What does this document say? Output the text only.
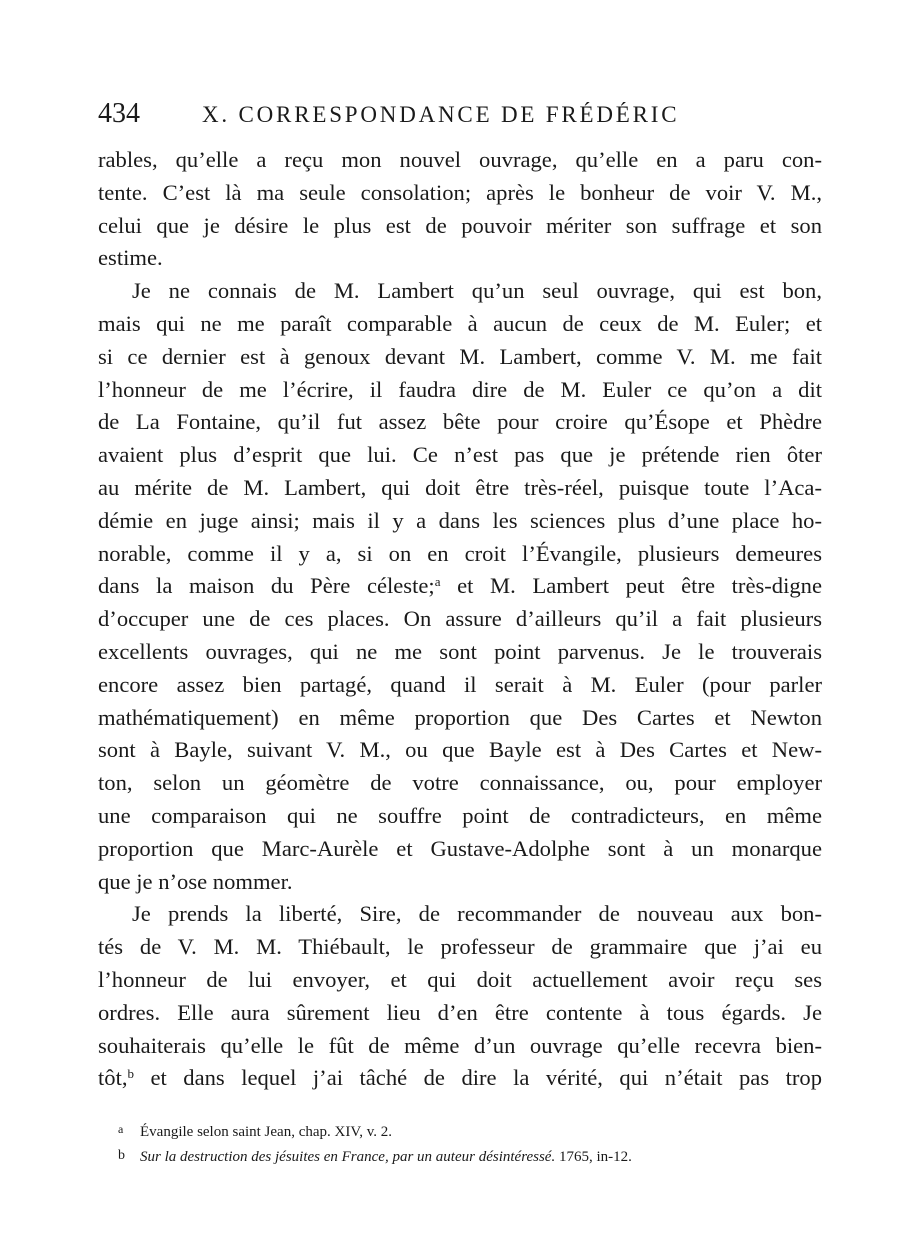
434	X. CORRESPONDANCE DE FRÉDÉRIC

rables, qu’elle a reçu mon nouvel ouvrage, qu’elle en a paru con-

tente. C’est là ma seule consolation; après le bonheur de voir V. M.,

celui que je désire le plus est de pouvoir mériter son suffrage et son

estime.

Je ne connais de M. Lambert qu’un seul ouvrage, qui est bon,

mais qui ne me paraît comparable à aucun de ceux de M. Euler; et

si ce dernier est à genoux devant M. Lambert, comme V. M. me fait

l’honneur de me l’écrire, il faudra dire de M. Euler ce qu’on a dit

de La Fontaine, qu’il fut assez bête pour croire qu’Ésope et Phèdre

avaient plus d’esprit que lui. Ce n’est pas que je prétende rien ôter

au mérite de M. Lambert, qui doit être très-réel, puisque toute l’Aca-

démie en juge ainsi; mais il y a dans les sciences plus d’une place ho-

norable, comme il y a, si on en croit l’Évangile, plusieurs demeures

dans la maison du Père céleste;$^a$ et M. Lambert peut être très-digne

d’occuper une de ces places. On assure d’ailleurs qu’il a fait plusieurs

excellents ouvrages, qui ne me sont point parvenus. Je le trouverais

encore assez bien partagé, quand il serait à M. Euler (pour parler

mathématiquement) en même proportion que Des Cartes et Newton

sont à Bayle, suivant V. M., ou que Bayle est à Des Cartes et New-

ton, selon un géomètre de votre connaissance, ou, pour employer

une comparaison qui ne souffre point de contradicteurs, en même

proportion que Marc-Aurèle et Gustave-Adolphe sont à un monarque

que je n’ose nommer.

Je prends la liberté, Sire, de recommander de nouveau aux bon-

tés de V. M. M. Thiébault, le professeur de grammaire que j’ai eu

l’honneur de lui envoyer, et qui doit actuellement avoir reçu ses

ordres. Elle aura sûrement lieu d’en être contente à tous égards. Je

souhaiterais qu’elle le fût de même d’un ouvrage qu’elle recevra bien-

tôt,$^b$ et dans lequel j’ai tâché de dire la vérité, qui n’était pas trop

a Évangile selon saint Jean, chap. XIV, v. 2.

b Sur la destruction des jésuites en France, par un auteur désintéressé. 1765, in-12.
